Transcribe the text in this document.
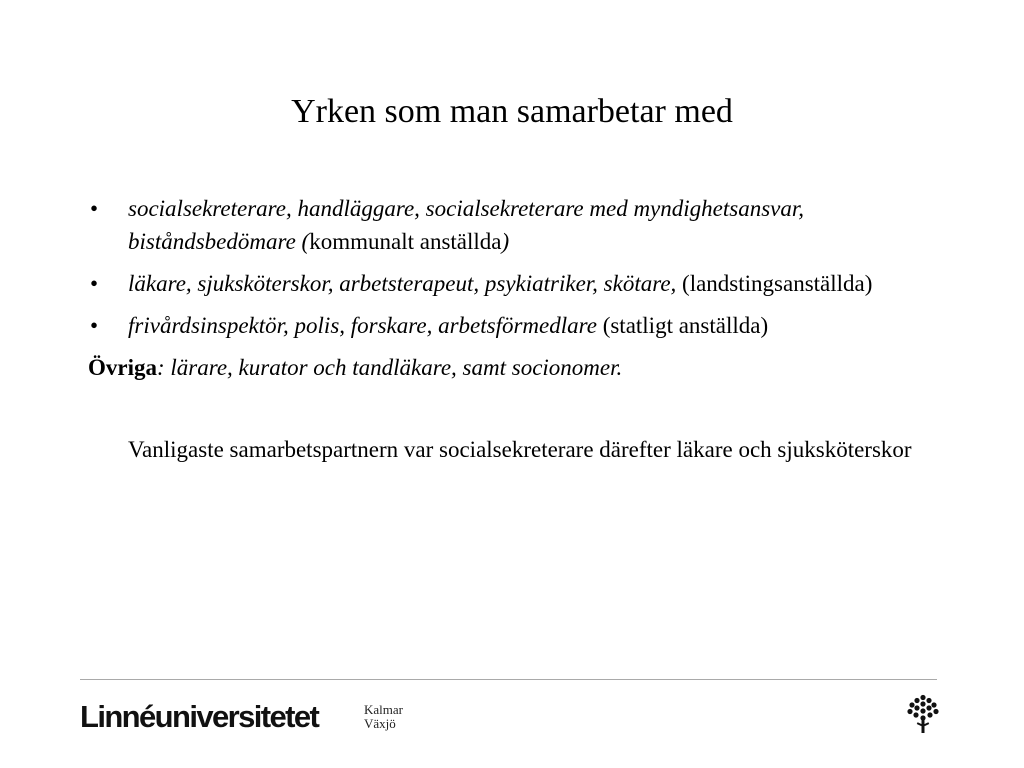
Yrken som man samarbetar med
• socialsekreterare, handläggare, socialsekreterare med myndighetsansvar, biståndsbedömare (kommunalt anställda)
• läkare, sjuksköterskor, arbetsterapeut, psykiatriker, skötare, (landstingsanställda)
• frivårdsinspektör, polis, forskare, arbetsförmedlare (statligt anställda)
Övriga: lärare, kurator och tandläkare, samt socionomer.
Vanligaste samarbetspartnern var socialsekreterare därefter läkare och sjuksköterskor
Linnéuniversitetet	Kalmar
Växjö
